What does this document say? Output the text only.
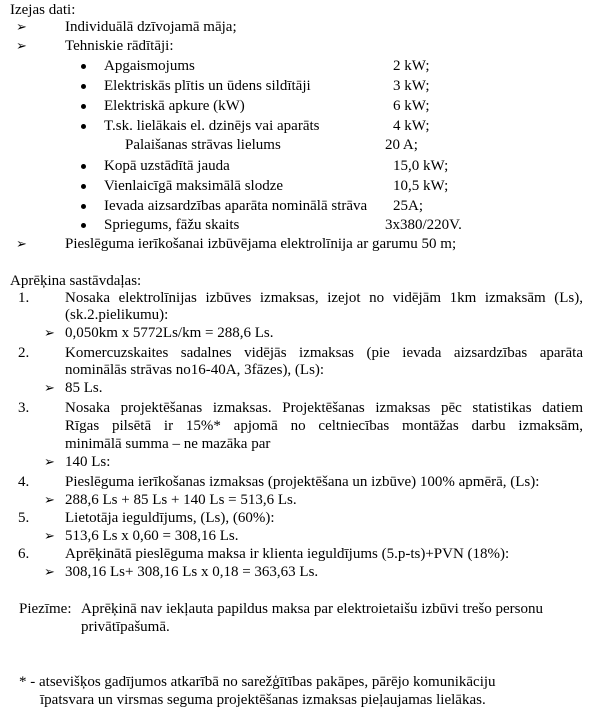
Izejas dati:
➢	Individuālā dzīvojamā māja;
➢	Tehniskie rādītāji:
Apgaismojums	2 kW;
Elektriskās plītis un ūdens sildītāji	3 kW;
Elektriskā apkure (kW)	6 kW;
T.sk. lielākais el. dzinējs vai aparāts	4 kW;
Palaišanas strāvas lielums	20 A;
Kopā uzstādītā jauda	15,0 kW;
Vienlaicīgā maksimālā slodze	10,5 kW;
Ievada aizsardzības aparāta nominālā strāva 25A;
Spriegums, fāžu skaits	3x380/220V.
➢	Pieslēguma ierīkošanai izbūvējama elektrolīnija ar garumu 50 m;
Aprēķina sastāvdaļas:
1. Nosaka elektrolīnijas izbūves izmaksas, izejot no vidējām 1km izmaksām (Ls),
(sk.2.pielikumu):
➢ 0,050km x 5772Ls/km = 288,6 Ls.
2. Komercuzskaites sadalnes vidējās izmaksas (pie ievada aizsardzības aparāta
nominālās strāvas no16-40A, 3fāzes), (Ls):
➢ 85 Ls.
3. Nosaka projektēšanas izmaksas. Projektēšanas izmaksas pēc statistikas datiem
Rīgas pilsētā ir 15%* apjomā no celtniecības montāžas darbu izmaksām,
minimālā summa – ne mazāka par
➢ 140 Ls:
4. Pieslēguma ierīkošanas izmaksas (projektēšana un izbūve) 100% apmērā, (Ls):
➢ 288,6 Ls + 85 Ls + 140 Ls = 513,6 Ls.
5. Lietotāja ieguldījums, (Ls), (60%):
➢ 513,6 Ls x 0,60 = 308,16 Ls.
6. Aprēķinātā pieslēguma maksa ir klienta ieguldījums (5.p-ts)+PVN (18%):
➢ 308,16 Ls+ 308,16 Ls x 0,18 = 363,63 Ls.
Piezīme: Aprēķinā nav iekļauta papildus maksa par elektroietaišu izbūvi trešo personu
privātīpašumā.
* - atsevišķos gadījumos atkarībā no sarežģītības pakāpes, pārējo komunikāciju
īpatsvara un virsmas seguma projektēšanas izmaksas pieļaujamas lielākas.
